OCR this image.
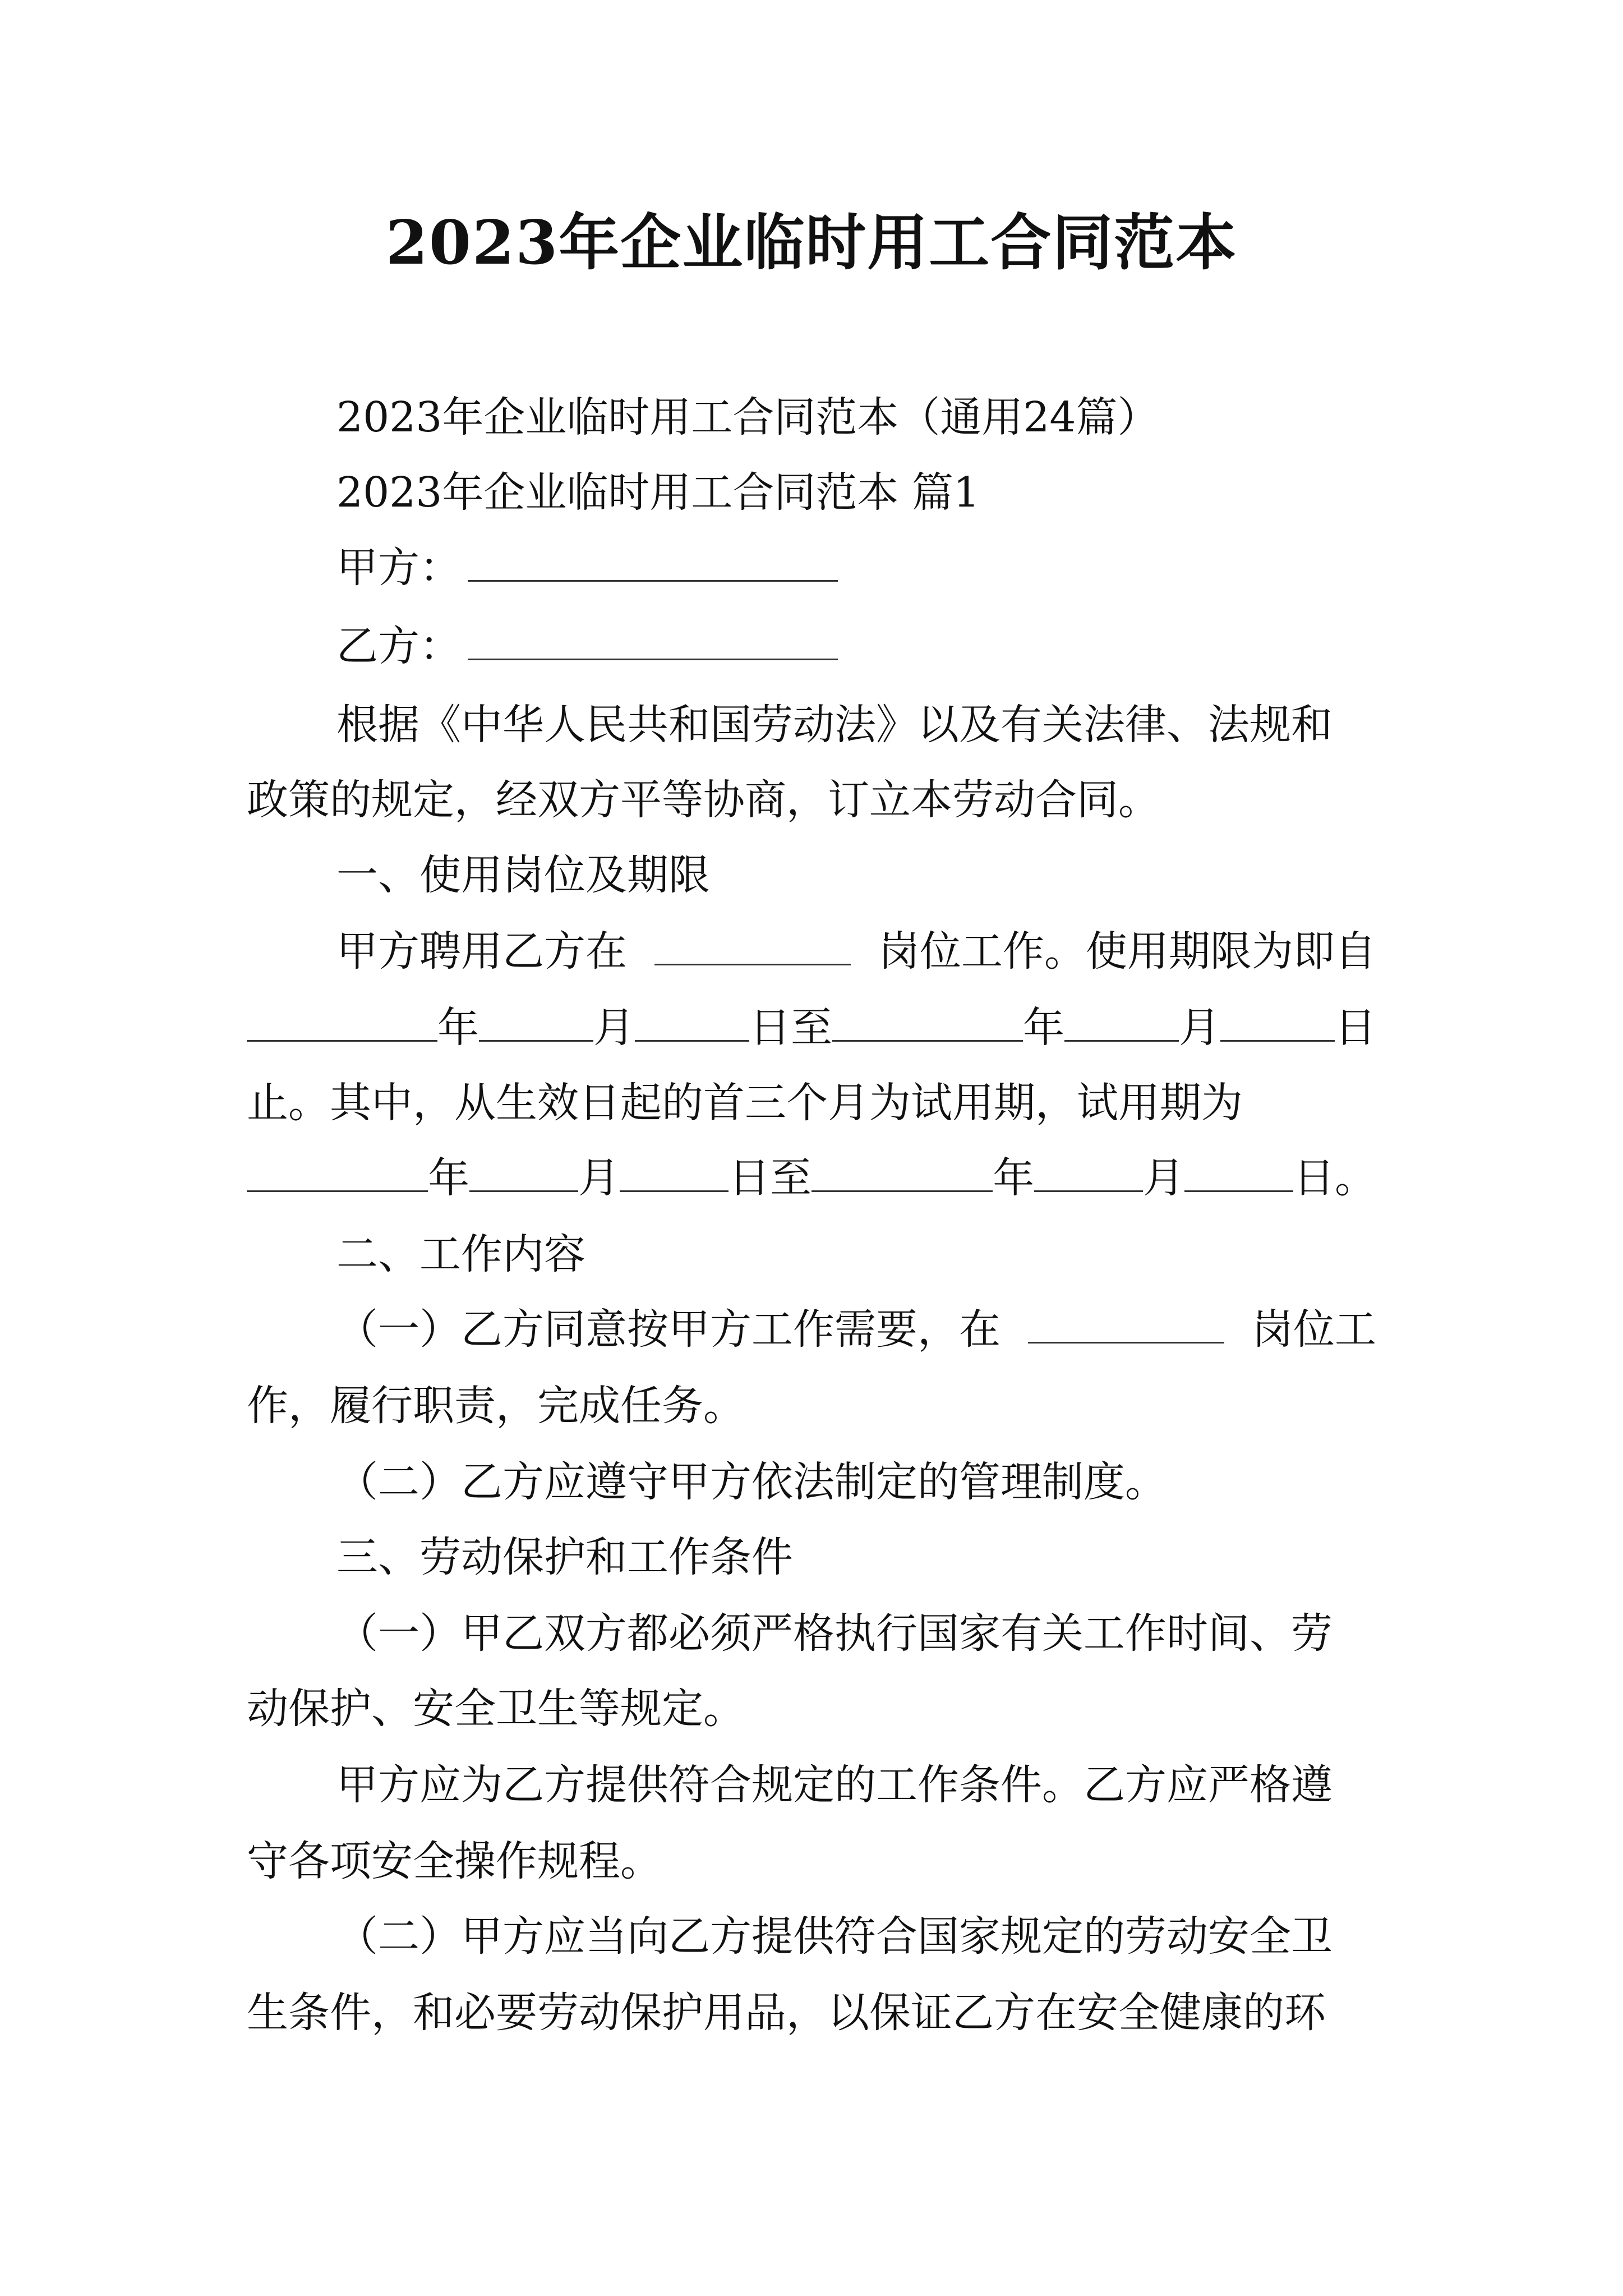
2023年企业临时用工合同范本
2023年企业临时用工合同范本（通用24篇）
2023年企业临时用工合同范本 篇1
甲方：
乙方：
根据《中华人民共和国劳动法》以及有关法律、法规和
政策的规定，经双方平等协商，订立本劳动合同。
一、使用岗位及期限
甲方聘用乙方在	岗位工作。使用期限为即自
年	月	日至	年	月	日
止。其中，从生效日起的首三个月为试用期，试用期为
年	月	日至	年	月	日。
二、工作内容
（一）乙方同意按甲方工作需要，在	岗位工
作，履行职责，完成任务。
（二）乙方应遵守甲方依法制定的管理制度。
三、劳动保护和工作条件
（一）甲乙双方都必须严格执行国家有关工作时间、劳
动保护、安全卫生等规定。
甲方应为乙方提供符合规定的工作条件。乙方应严格遵
守各项安全操作规程。
（二）甲方应当向乙方提供符合国家规定的劳动安全卫
生条件，和必要劳动保护用品，以保证乙方在安全健康的环
